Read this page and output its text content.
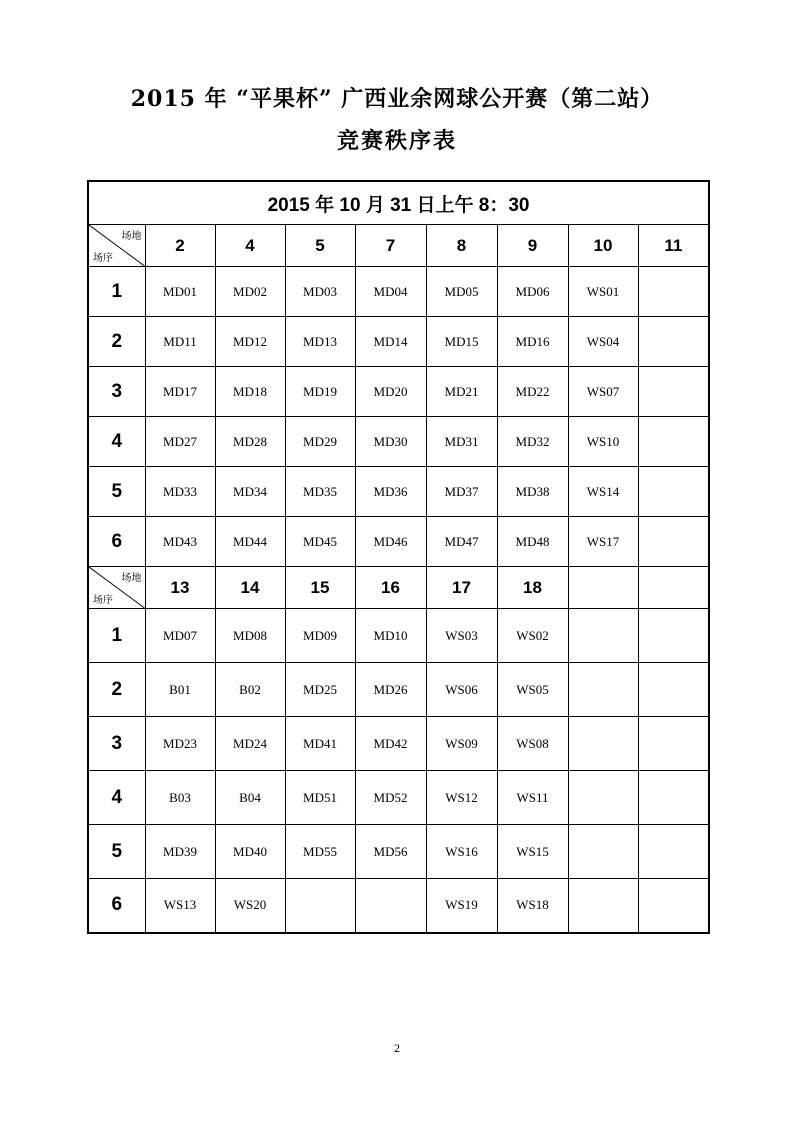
2015 年 “平果杯” 广西业余网球公开赛（第二站）
竞赛秩序表
2015 年 10 月 31 日上午 8：30								

场地
场序	2	4	5	7	8	9	10	11
1	MD01	MD02	MD03	MD04	MD05	MD06	WS01	
2	MD11	MD12	MD13	MD14	MD15	MD16	WS04	
3	MD17	MD18	MD19	MD20	MD21	MD22	WS07	
4	MD27	MD28	MD29	MD30	MD31	MD32	WS10	
5	MD33	MD34	MD35	MD36	MD37	MD38	WS14	
6	MD43	MD44	MD45	MD46	MD47	MD48	WS17	

场地
场序	13	14	15	16	17	18		
1	MD07	MD08	MD09	MD10	WS03	WS02		
2	B01	B02	MD25	MD26	WS06	WS05		
3	MD23	MD24	MD41	MD42	WS09	WS08		
4	B03	B04	MD51	MD52	WS12	WS11		
5	MD39	MD40	MD55	MD56	WS16	WS15		
6	WS13	WS20			WS19	WS18		
2
